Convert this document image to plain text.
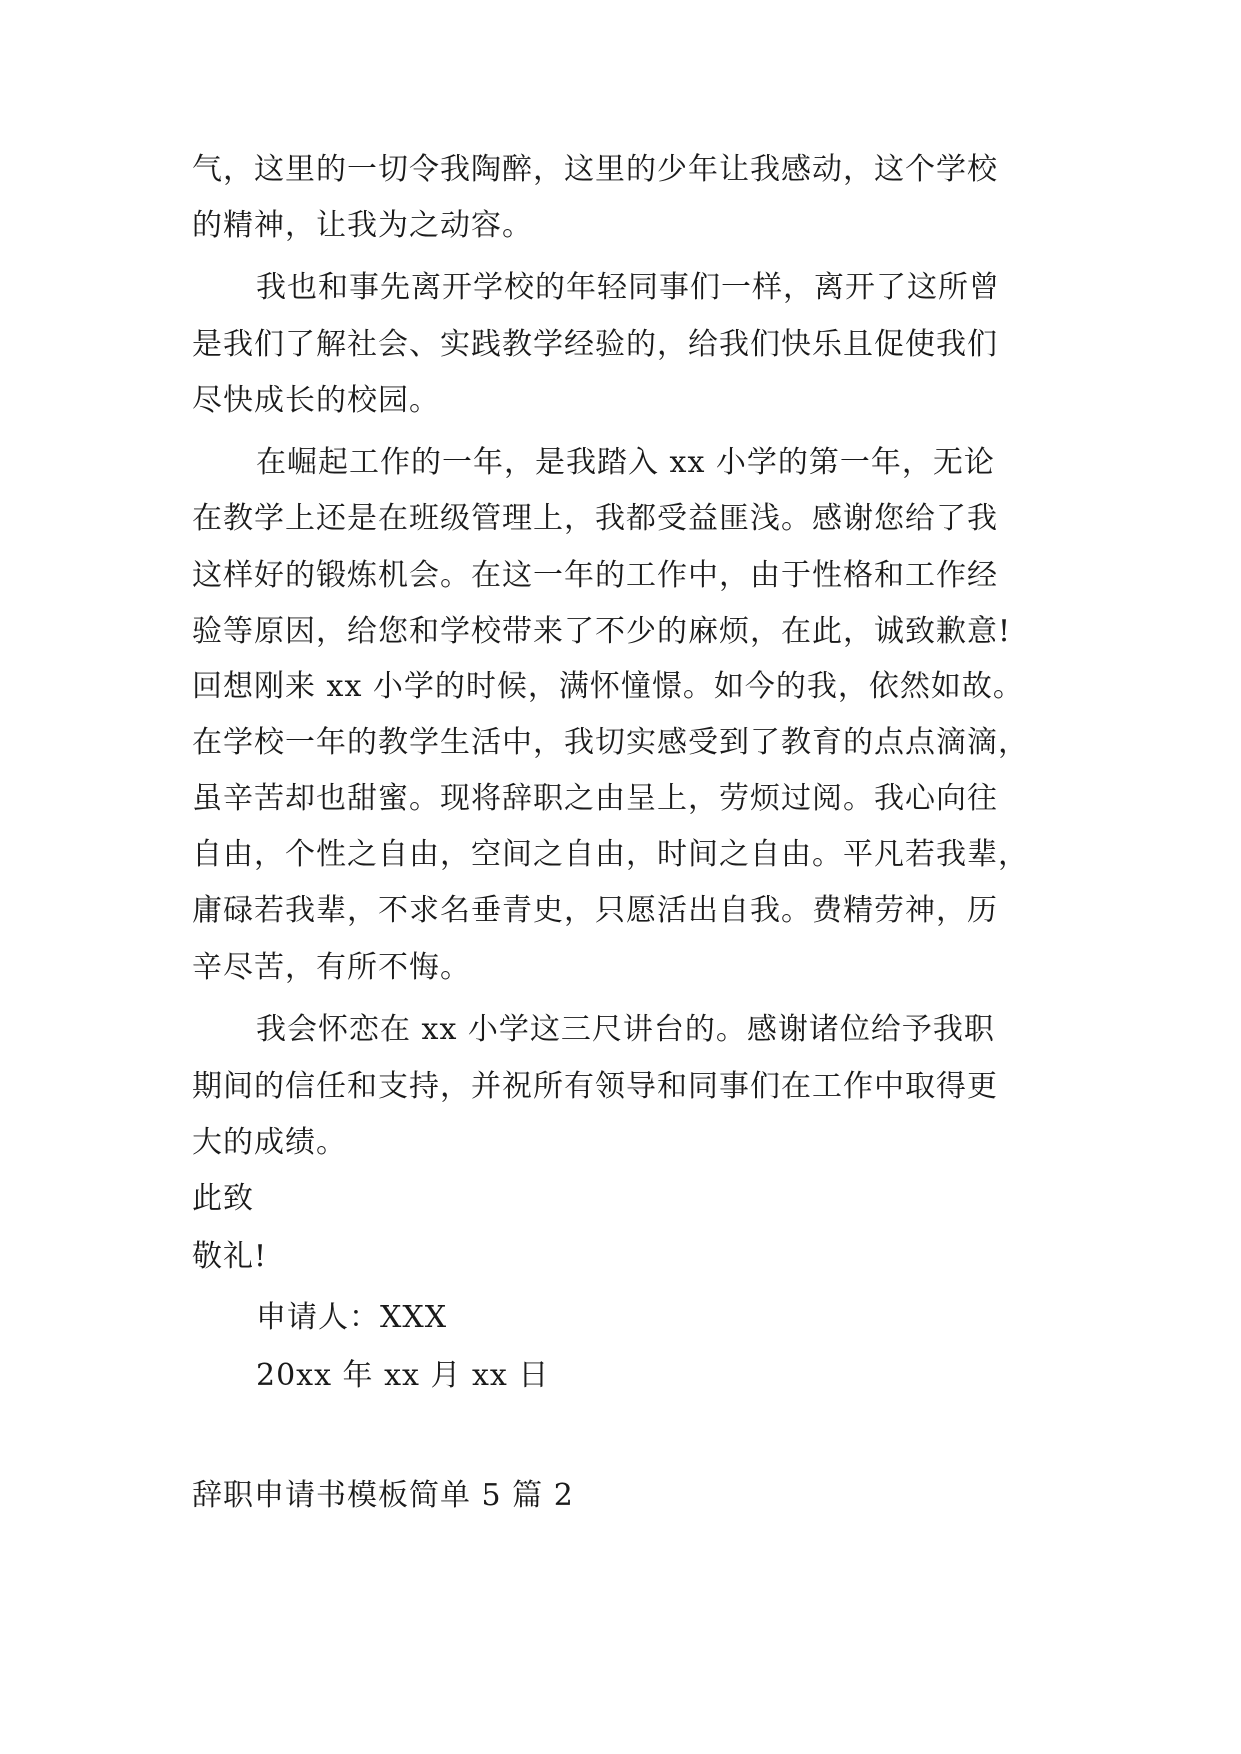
气，这里的一切令我陶醉，这里的少年让我感动，这个学校
的精神，让我为之动容。
我也和事先离开学校的年轻同事们一样，离开了这所曾
是我们了解社会、实践教学经验的，给我们快乐且促使我们
尽快成长的校园。
在崛起工作的一年，是我踏入 xx 小学的第一年，无论
在教学上还是在班级管理上，我都受益匪浅。感谢您给了我
这样好的锻炼机会。在这一年的工作中，由于性格和工作经
验等原因，给您和学校带来了不少的麻烦，在此，诚致歉意!
回想刚来 xx 小学的时候，满怀憧憬。如今的我，依然如故。
在学校一年的教学生活中，我切实感受到了教育的点点滴滴，
虽辛苦却也甜蜜。现将辞职之由呈上，劳烦过阅。我心向往
自由，个性之自由，空间之自由，时间之自由。平凡若我辈，
庸碌若我辈，不求名垂青史，只愿活出自我。费精劳神，历
辛尽苦，有所不悔。
我会怀恋在 xx 小学这三尺讲台的。感谢诸位给予我职
期间的信任和支持，并祝所有领导和同事们在工作中取得更
大的成绩。
此致
敬礼!
申请人：XXX
20xx 年 xx 月 xx 日
辞职申请书模板简单 5 篇 2
